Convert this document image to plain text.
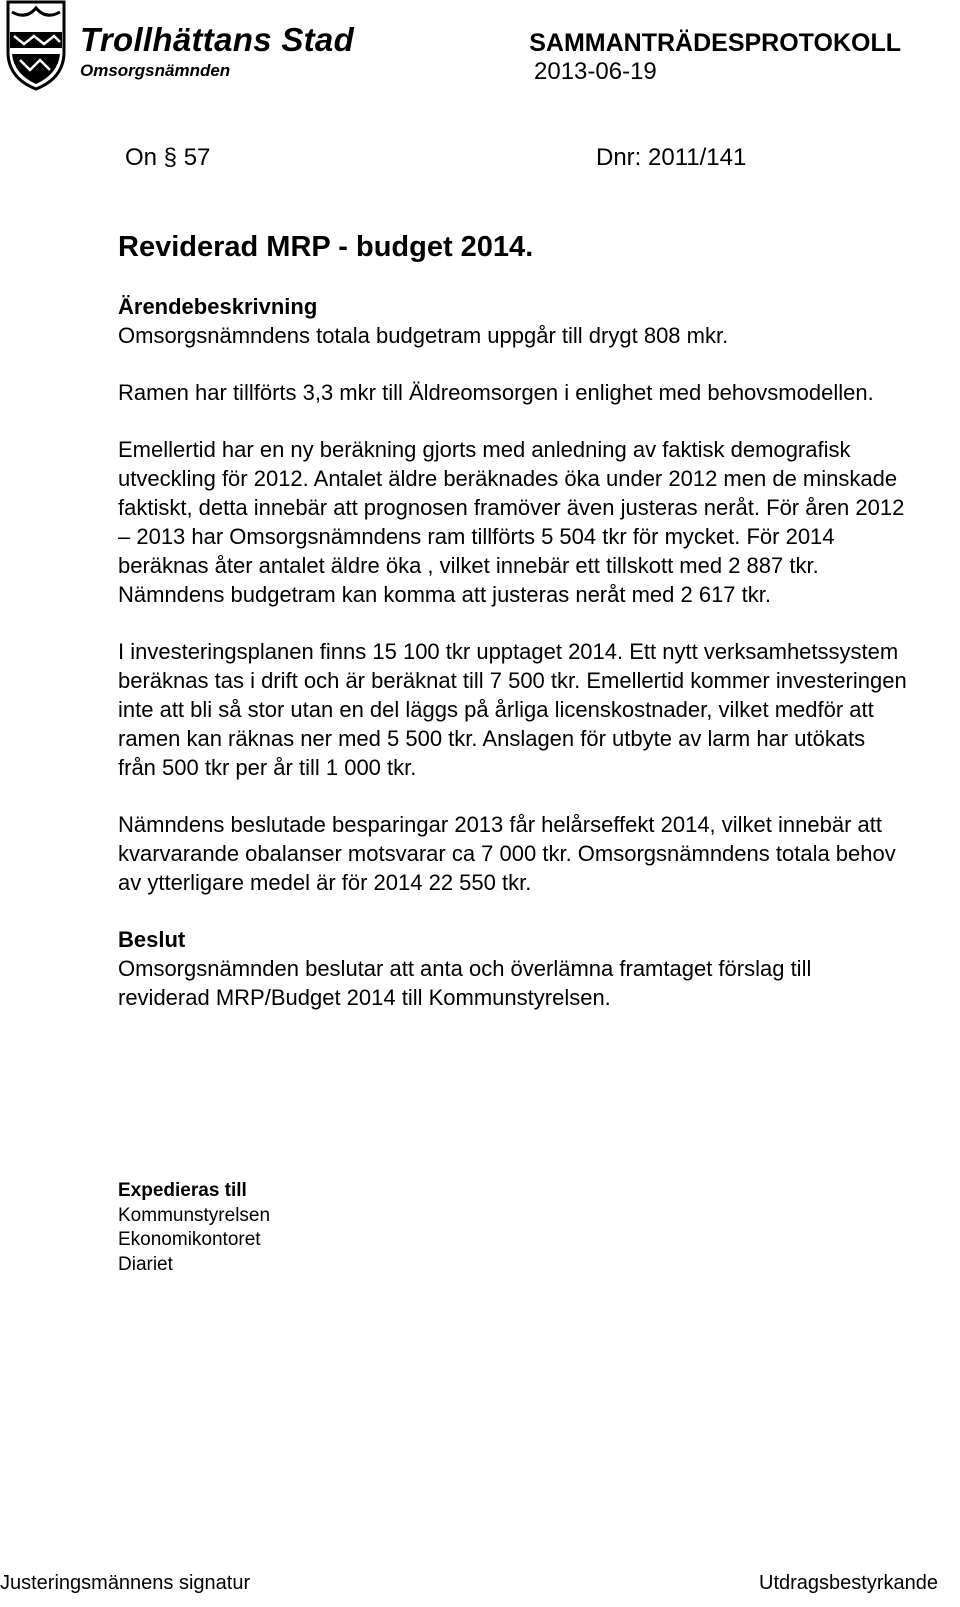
Trollhättans Stad
Omsorgsnämnden
SAMMANTRÄDESPROTOKOLL
2013-06-19
On § 57	Dnr: 2011/141
Reviderad MRP - budget 2014.
Ärendebeskrivning

Omsorgsnämndens totala budgetram uppgår till drygt 808 mkr.

Ramen har tillförts 3,3 mkr till Äldreomsorgen i enlighet med behovsmodellen.

Emellertid har en ny beräkning gjorts med anledning av faktisk demografisk utveckling för 2012. Antalet äldre beräknades öka under 2012 men de minskade faktiskt, detta innebär att prognosen framöver även justeras neråt. För åren 2012 – 2013 har Omsorgsnämndens ram tillförts 5 504 tkr för mycket. För 2014 beräknas åter antalet äldre öka , vilket innebär ett tillskott med 2 887 tkr. Nämndens budgetram kan komma att justeras neråt med 2 617 tkr.

I investeringsplanen finns 15 100 tkr upptaget 2014. Ett nytt verksamhetssystem beräknas tas i drift och är beräknat till 7 500 tkr. Emellertid kommer investeringen inte att bli så stor utan en del läggs på årliga licenskostnader, vilket medför att ramen kan räknas ner med 5 500 tkr. Anslagen för utbyte av larm har utökats från 500 tkr per år till 1 000 tkr.

Nämndens beslutade besparingar 2013 får helårseffekt 2014, vilket innebär att kvarvarande obalanser motsvarar ca 7 000 tkr. Omsorgsnämndens totala behov av ytterligare medel är för 2014 22 550 tkr.

Beslut

Omsorgsnämnden beslutar att anta och överlämna framtaget förslag till reviderad MRP/Budget 2014 till Kommunstyrelsen.

Expedieras till
Kommunstyrelsen
Ekonomikontoret
Diariet
Justeringsmännens signatur	Utdragsbestyrkande
